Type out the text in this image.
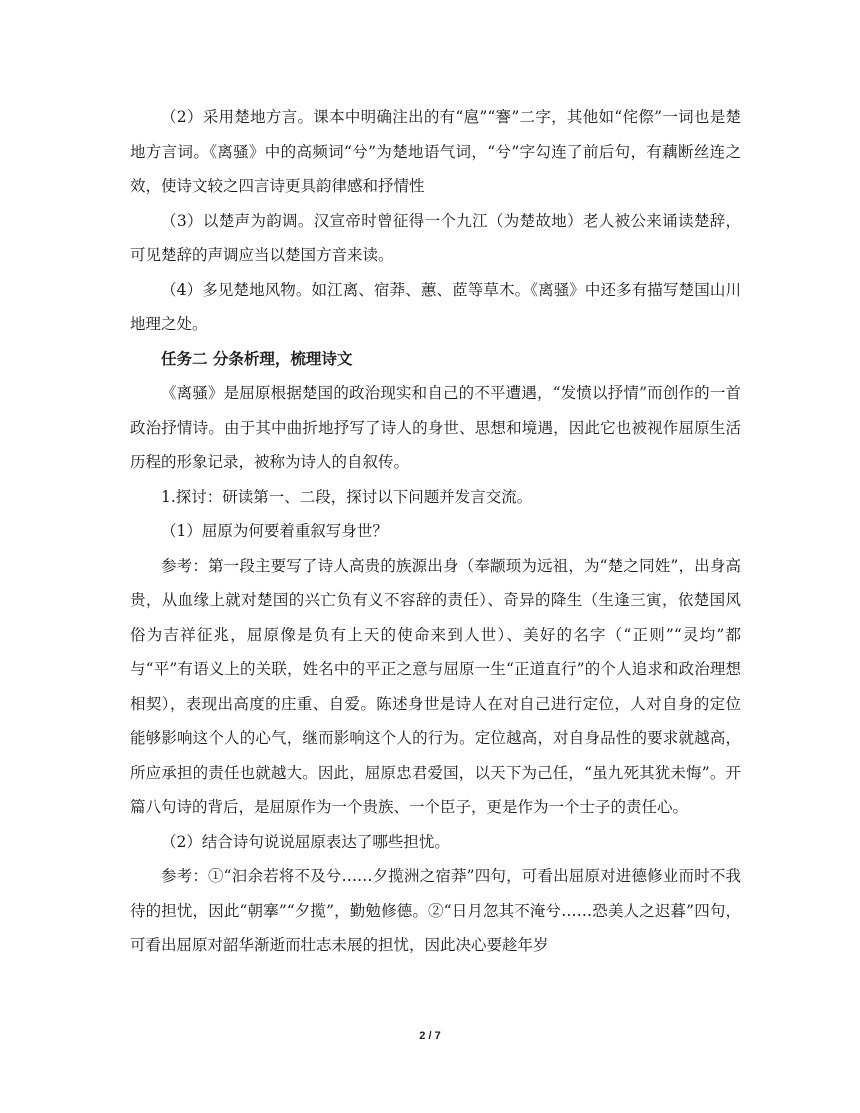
（2）采用楚地方言。课本中明确注出的有“扈”“謇”二字，其他如“侘傺”一词也是楚地方言词。《离骚》中的高频词“兮”为楚地语气词，“兮”字勾连了前后句，有藕断丝连之效，使诗文较之四言诗更具韵律感和抒情性

（3）以楚声为韵调。汉宣帝时曾征得一个九江（为楚故地）老人被公来诵读楚辞，可见楚辞的声调应当以楚国方音来读。

（4）多见楚地风物。如江离、宿莽、蕙、茝等草木。《离骚》中还多有描写楚国山川地理之处。

任务二 分条析理，梳理诗文

《离骚》是屈原根据楚国的政治现实和自己的不平遭遇，“发愤以抒情”而创作的一首政治抒情诗。由于其中曲折地抒写了诗人的身世、思想和境遇，因此它也被视作屈原生活历程的形象记录，被称为诗人的自叙传。

1.探讨：研读第一、二段，探讨以下问题并发言交流。

（1）屈原为何要着重叙写身世？

参考：第一段主要写了诗人高贵的族源出身（奉颛顼为远祖，为“楚之同姓”，出身高贵，从血缘上就对楚国的兴亡负有义不容辞的责任）、奇异的降生（生逢三寅，依楚国风俗为吉祥征兆，屈原像是负有上天的使命来到人世）、美好的名字（“正则”“灵均”都与“平”有语义上的关联，姓名中的平正之意与屈原一生“正道直行”的个人追求和政治理想相契），表现出高度的庄重、自爱。陈述身世是诗人在对自己进行定位，人对自身的定位能够影响这个人的心气，继而影响这个人的行为。定位越高，对自身品性的要求就越高，所应承担的责任也就越大。因此，屈原忠君爱国，以天下为己任，“虽九死其犹未悔”。开篇八句诗的背后，是屈原作为一个贵族、一个臣子，更是作为一个士子的责任心。

（2）结合诗句说说屈原表达了哪些担忧。

参考：①“汩余若将不及兮……夕揽洲之宿莽”四句，可看出屈原对进德修业而时不我待的担忧，因此“朝搴”“夕揽”，勤勉修德。②“日月忽其不淹兮……恐美人之迟暮”四句，可看出屈原对韶华渐逝而壮志未展的担忧，因此决心要趁年岁

2 / 7
